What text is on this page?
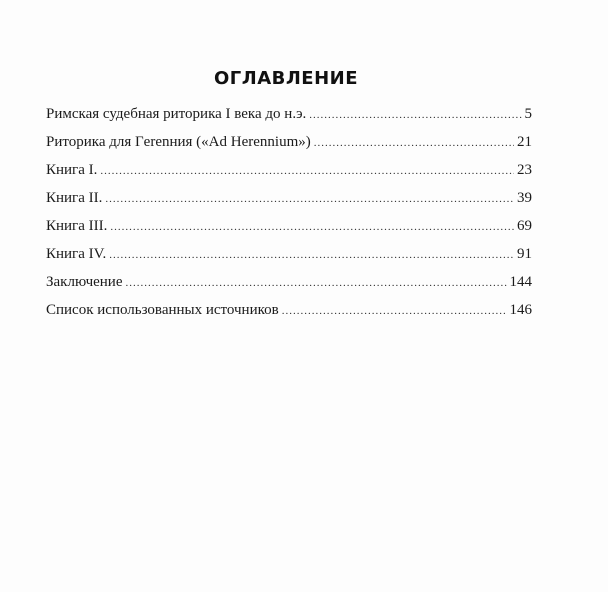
ОГЛАВЛЕНИЕ
Римская судебная риторика I века до н.э. .....	5
Риторика для Гerenния («Ad Herennium») .....	21
Книга I. .....	23
Книга II. .....	39
Книга III. .....	69
Книга IV. .....	91
Заключение .....	144
Список использованных источников .....	146
